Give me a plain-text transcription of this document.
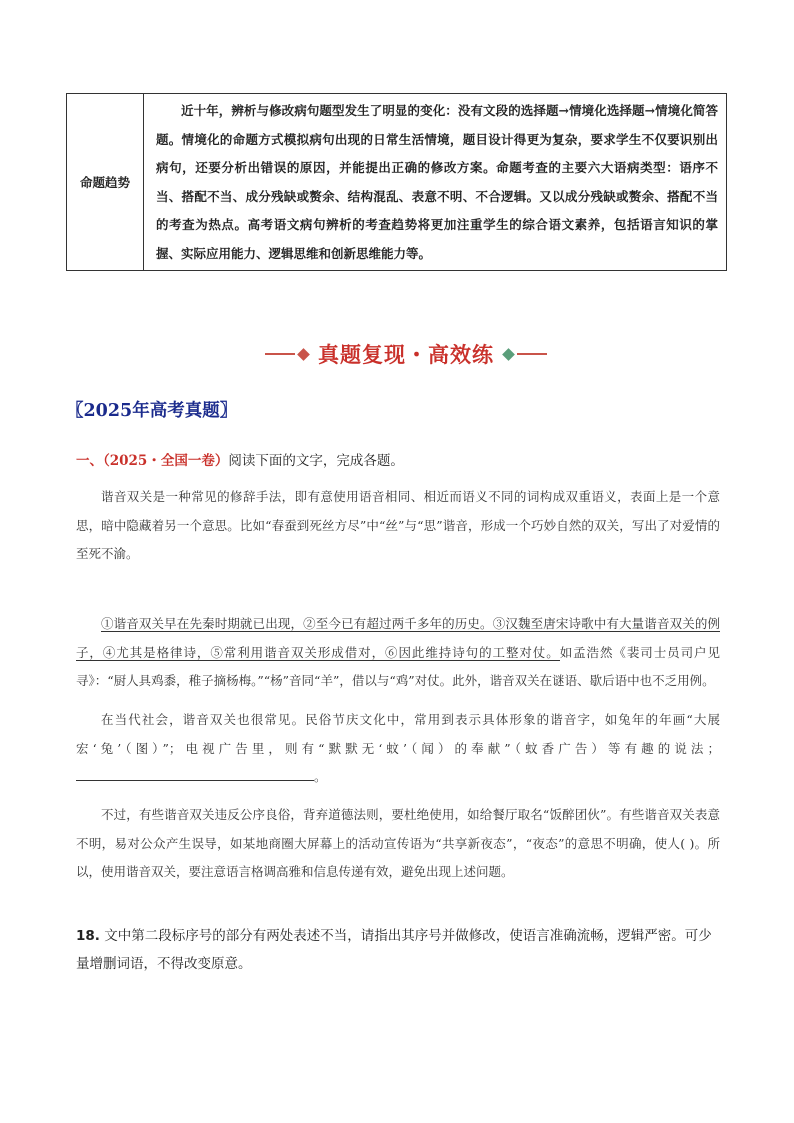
命题趋势

近十年，辨析与修改病句题型发生了明显的变化：没有文段的选择题→情境化选择题→情境化简答题。情境化的命题方式模拟病句出现的日常生活情境，题目设计得更为复杂，要求学生不仅要识别出病句，还要分析出错误的原因，并能提出正确的修改方案。命题考查的主要六大语病类型：语序不当、搭配不当、成分残缺或赘余、结构混乱、表意不明、不合逻辑。又以成分残缺或赘余、搭配不当的考查为热点。高考语文病句辨析的考查趋势将更加注重学生的综合语文素养，包括语言知识的掌握、实际应用能力、逻辑思维和创新思维能力等。

真题复现・高效练
〖2025年高考真题〗
一、（2025・全国一卷）阅读下面的文字，完成各题。

谐音双关是一种常见的修辞手法，即有意使用语音相同、相近而语义不同的词构成双重语义，表面上是一个意思，暗中隐藏着另一个意思。比如“春蚕到死丝方尽”中“丝”与“思”谐音，形成一个巧妙自然的双关，写出了对爱情的至死不渝。

①谐音双关早在先秦时期就已出现，②至今已有超过两千多年的历史。③汉魏至唐宋诗歌中有大量谐音双关的例子，④尤其是格律诗，⑤常利用谐音双关形成借对，⑥因此维持诗句的工整对仗。如孟浩然《裴司士员司户见寻》：“厨人具鸡黍，稚子摘杨梅。”“杨”音同“羊”，借以与“鸡”对仗。此外，谐音双关在谜语、歇后语中也不乏用例。

在当代社会，谐音双关也很常见。民俗节庆文化中，常用到表示具体形象的谐音字，如兔年的年画“大展宏‘兔’（图）”；电视广告里，则有“默默无‘蚊’（闻）的奉献”（蚊香广告）等有趣的说法；。

不过，有些谐音双关违反公序良俗，背弃道德法则，要杜绝使用，如给餐厅取名“饭醉团伙”。有些谐音双关表意不明，易对公众产生误导，如某地商圈大屏幕上的活动宣传语为“共享新夜态”，“夜态”的意思不明确，使人( )。所以，使用谐音双关，要注意语言格调高雅和信息传递有效，避免出现上述问题。

18. 文中第二段标序号的部分有两处表述不当，请指出其序号并做修改，使语言准确流畅，逻辑严密。可少量增删词语，不得改变原意。
